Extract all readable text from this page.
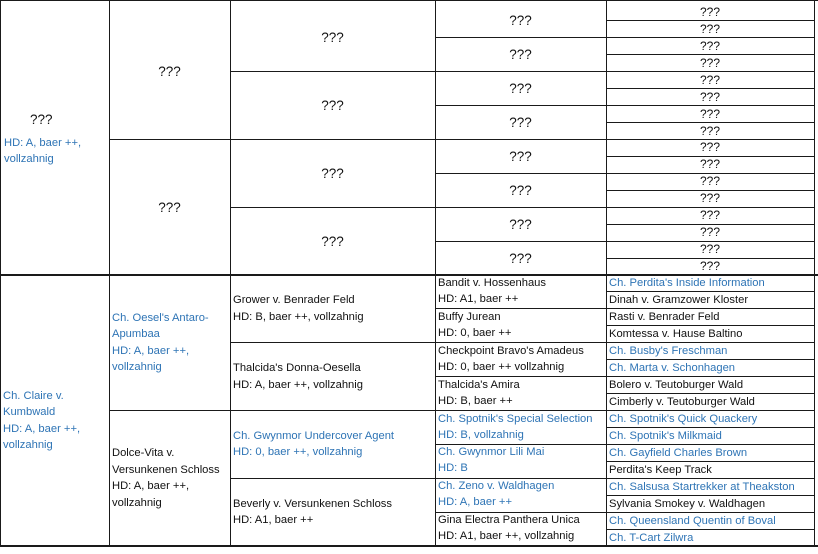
???
HD: A, baer ++, vollzahnig
???
???
???
???
???
???
???
???
???
???
???
???
???
???
???
???
???
???
???
???
???
???
???
???
???
???
???
???
???
???
Ch. Claire v. Kumbwald
HD: A, baer ++, vollzahnig
Ch. Oesel's Antaro-Apumbaa
HD: A, baer ++, vollzahnig
Dolce-Vita v. Versunkenen Schloss
HD: A, baer ++, vollzahnig
Grower v. Benrader Feld
HD: B, baer ++, vollzahnig
Thalcida's Donna-Oesella
HD: A, baer ++, vollzahnig
Ch. Gwynmor Undercover Agent
HD: 0, baer ++, vollzahnig
Beverly v. Versunkenen Schloss
HD: A1, baer ++
Bandit v. Hossenhaus
HD: A1, baer ++
Buffy Jurean
HD: 0, baer ++
Checkpoint Bravo's Amadeus
HD: 0, baer ++ vollzahnig
Thalcida's Amira
HD: B, baer ++
Ch. Spotnik's Special Selection
HD: B, vollzahnig
Ch. Gwynmor Lili Mai
HD: B
Ch. Zeno v. Waldhagen
HD: A, baer ++
Gina Electra Panthera Unica
HD: A1, baer ++, vollzahnig
Ch. Perdita's Inside Information
Dinah v. Gramzower Kloster
Rasti v. Benrader Feld
Komtessa v. Hause Baltino
Ch. Busby's Freschman
Ch. Marta v. Schonhagen
Bolero v. Teutoburger Wald
Cimberly v. Teutoburger Wald
Ch. Spotnik's Quick Quackery
Ch. Spotnik's Milkmaid
Ch. Gayfield Charles Brown
Perdita's Keep Track
Ch. Salsusa Startrekker at Theakston
Sylvania Smokey v. Waldhagen
Ch. Queensland Quentin of Boval
Ch. T-Cart Zilwra
